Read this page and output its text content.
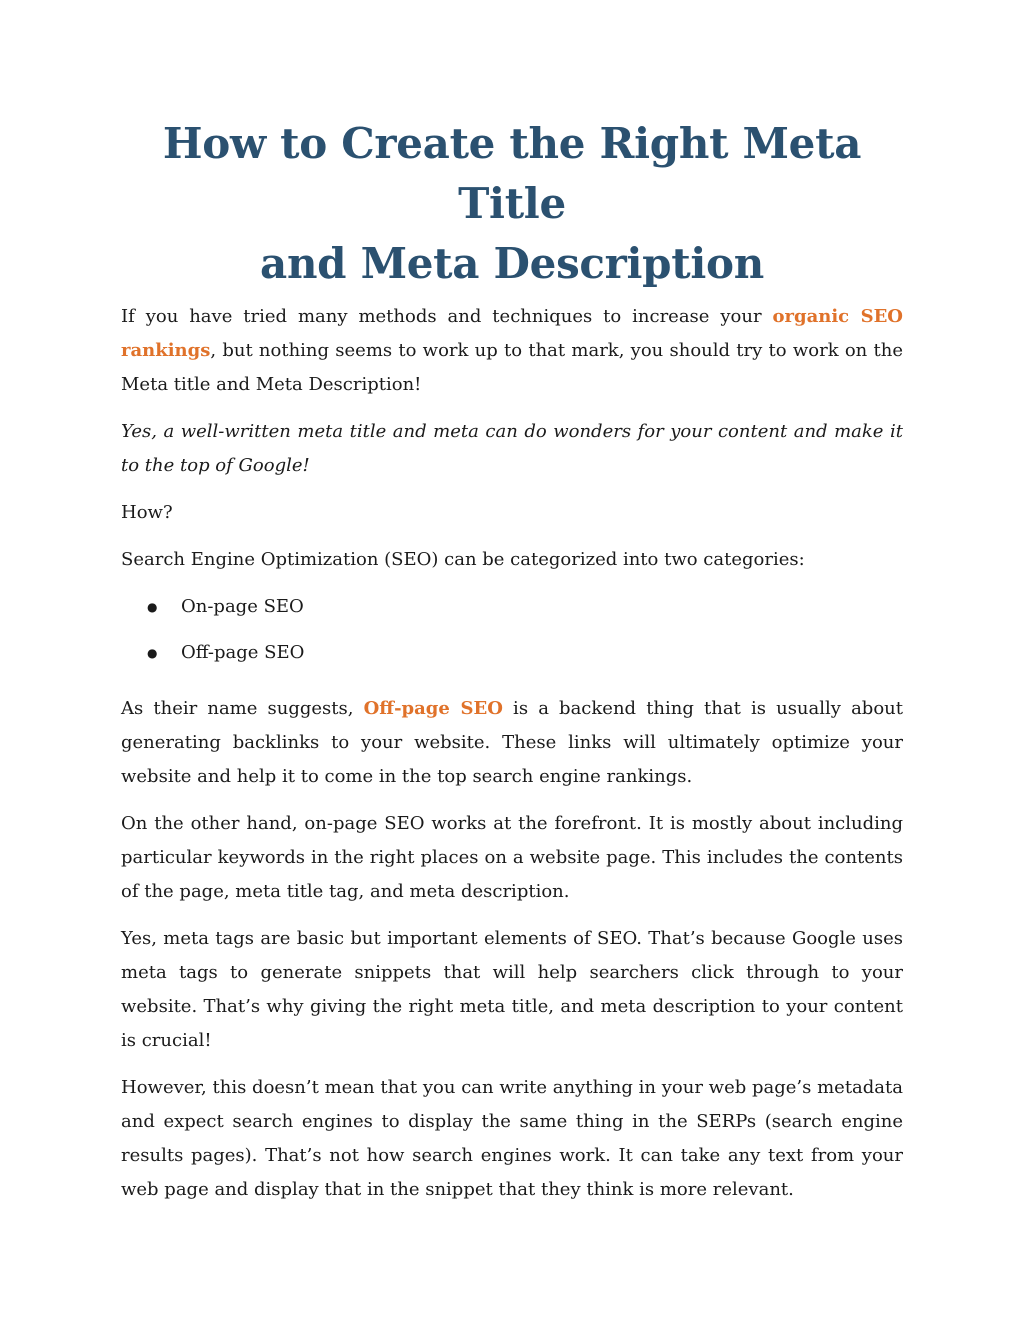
How to Create the Right Meta Title
and Meta Description

If you have tried many methods and techniques to increase your organic SEO rankings, but nothing seems to work up to that mark, you should try to work on the Meta title and Meta Description!

Yes, a well-written meta title and meta can do wonders for your content and make it to the top of Google!

How?

Search Engine Optimization (SEO) can be categorized into two categories:

● On-page SEO
● Off-page SEO

As their name suggests, Off-page SEO is a backend thing that is usually about generating backlinks to your website. These links will ultimately optimize your website and help it to come in the top search engine rankings.

On the other hand, on-page SEO works at the forefront. It is mostly about including particular keywords in the right places on a website page. This includes the contents of the page, meta title tag, and meta description.

Yes, meta tags are basic but important elements of SEO. That’s because Google uses meta tags to generate snippets that will help searchers click through to your website. That’s why giving the right meta title, and meta description to your content is crucial!

However, this doesn’t mean that you can write anything in your web page’s metadata and expect search engines to display the same thing in the SERPs (search engine results pages). That’s not how search engines work. It can take any text from your web page and display that in the snippet that they think is more relevant.
